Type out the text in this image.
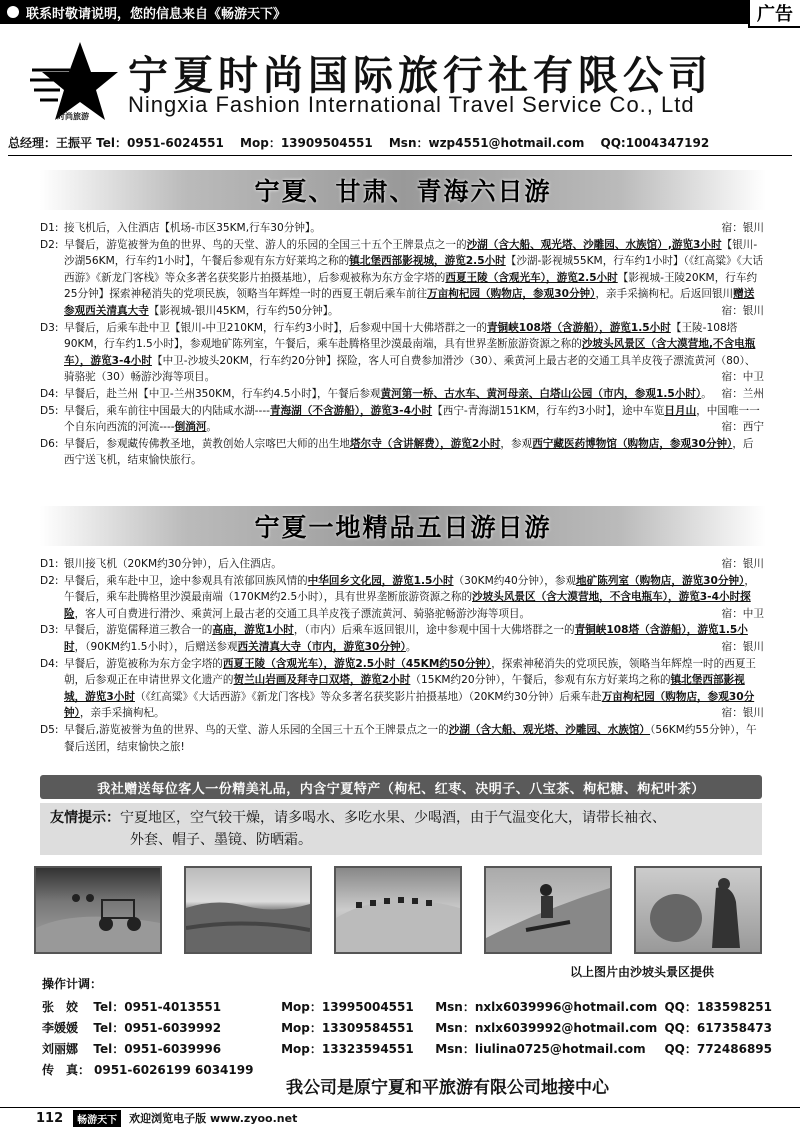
联系时敬请说明，您的信息来自《畅游天下》	广告
时尚旅游
宁夏时尚国际旅行社有限公司
Ningxia Fashion International Travel Service Co., Ltd
总经理：王振平 Tel：0951-6024551 Mop：13909504551 Msn：wzp4551@hotmail.com QQ:1004347192
宁夏、甘肃、青海六日游
D1: 接飞机后，入住酒店【机场-市区35KM,行车30分钟】。	宿：银川
D2: 早餐后，游览被誉为鱼的世界、鸟的天堂、游人的乐园的全国三十五个王牌景点之一的沙湖（含大船、观光塔、沙雕园、水族馆）,游览3小时【银川-沙湖56KM，行车约1小时】，午餐后参观有东方好莱坞之称的镇北堡西部影视城，游览2.5小时【沙湖-影视城55KM，行车约1小时】（《红高粱》《大话西游》《新龙门客栈》等众多著名获奖影片拍摄基地），后参观被称为东方金字塔的西夏王陵（含观光车），游览2.5小时【影视城-王陵20KM，行车约25分钟】探索神秘消失的党项民族，领略当年辉煌一时的西夏王朝后乘车前往万亩枸杞园（购物店，参观30分钟），亲手采摘枸杞。后返回银川赠送参观西关清真大寺【影视城-银川45KM，行车约50分钟】。	宿：银川
D3: 早餐后，后乘车赴中卫【银川-中卫210KM，行车约3小时】，后参观中国十大佛塔群之一的青铜峡108塔（含游船），游览1.5小时【王陵-108塔90KM，行车约1.5小时】，参观地矿陈列室，午餐后，乘车赴腾格里沙漠最南端，具有世界垄断旅游资源之称的沙坡头风景区（含大漠营地,不含电瓶车），游览3-4小时【中卫-沙坡头20KM，行车约20分钟】探险，客人可自费参加滑沙（30）、乘黄河上最古老的交通工具羊皮筏子漂流黄河（80）、骑骆驼（30）畅游沙海等项目。	宿：中卫
D4: 早餐后，赴兰州【中卫-兰州350KM，行车约4.5小时】，午餐后参观黄河第一桥、古水车、黄河母亲、白塔山公园（市内，参观1.5小时）。 宿：兰州
D5: 早餐后，乘车前往中国最大的内陆咸水湖----青海湖（不含游船），游览3-4小时【西宁-青海湖151KM，行车约3小时】，途中车览日月山，中国唯一一个自东向西流的河流----倒淌河。	宿：西宁
D6: 早餐后，参观藏传佛教圣地，黄教创始人宗喀巴大师的出生地塔尔寺（含讲解费），游览2小时，参观西宁藏医药博物馆（购物店，参观30分钟），后西宁送飞机，结束愉快旅行。
宁夏一地精品五日游日游
D1: 银川接飞机（20KM约30分钟），后入住酒店。	宿：银川
D2: 早餐后，乘车赴中卫，途中参观具有浓郁回族风情的中华回乡文化园，游览1.5小时（30KM约40分钟），参观地矿陈列室（购物店，游览30分钟），午餐后，乘车赴腾格里沙漠最南端（170KM约2.5小时），具有世界垄断旅游资源之称的沙坡头风景区（含大漠营地，不含电瓶车），游览3-4小时探险，客人可自费进行滑沙、乘黄河上最古老的交通工具羊皮筏子漂流黄河、骑骆驼畅游沙海等项目。	宿：中卫
D3: 早餐后，游览儒释道三教合一的高庙，游览1小时，（市内）后乘车返回银川，途中参观中国十大佛塔群之一的青铜峡108塔（含游船），游览1.5小时，（90KM约1.5小时），后赠送参观西关清真大寺（市内，游览30分钟）。	宿：银川
D4: 早餐后，游览被称为东方金字塔的西夏王陵（含观光车），游览2.5小时（45KM约50分钟），探索神秘消失的党项民族，领略当年辉煌一时的西夏王朝，后参观正在申请世界文化遗产的贺兰山岩画及拜寺口双塔，游览2小时（15KM约20分钟），午餐后，参观有东方好莱坞之称的镇北堡西部影视城，游览3小时（《红高粱》《大话西游》《新龙门客栈》等众多著名获奖影片拍摄基地）（20KM约30分钟）后乘车赴万亩枸杞园（购物店，参观30分钟），亲手采摘枸杞。	宿：银川
D5: 早餐后,游览被誉为鱼的世界、鸟的天堂、游人乐园的全国三十五个王牌景点之一的沙湖（含大船、观光塔、沙雕园、水族馆）（56KM约55分钟），午餐后送团，结束愉快之旅!
我社赠送每位客人一份精美礼品，内含宁夏特产（枸杞、红枣、决明子、八宝茶、枸杞糖、枸杞叶茶）
友情提示：宁夏地区，空气较干燥，请多喝水、多吃水果、少喝酒，由于气温变化大，请带长袖衣、
外套、帽子、墨镜、防晒霜。
以上图片由沙坡头景区提供
操作计调：
张　姣	Tel：0951-4013551	Mop：13995004551	Msn：nxlx6039996@hotmail.com QQ：183598251
李媛媛	Tel：0951-6039992	Mop：13309584551	Msn：nxlx6039992@hotmail.com QQ：617358473
刘丽娜	Tel：0951-6039996	Mop：13323594551	Msn：liulina0725@hotmail.com	QQ：772486895
传　真： 0951-6026199 6034199
我公司是原宁夏和平旅游有限公司地接中心
112	畅游天下	欢迎浏览电子版 www.zyoo.net
